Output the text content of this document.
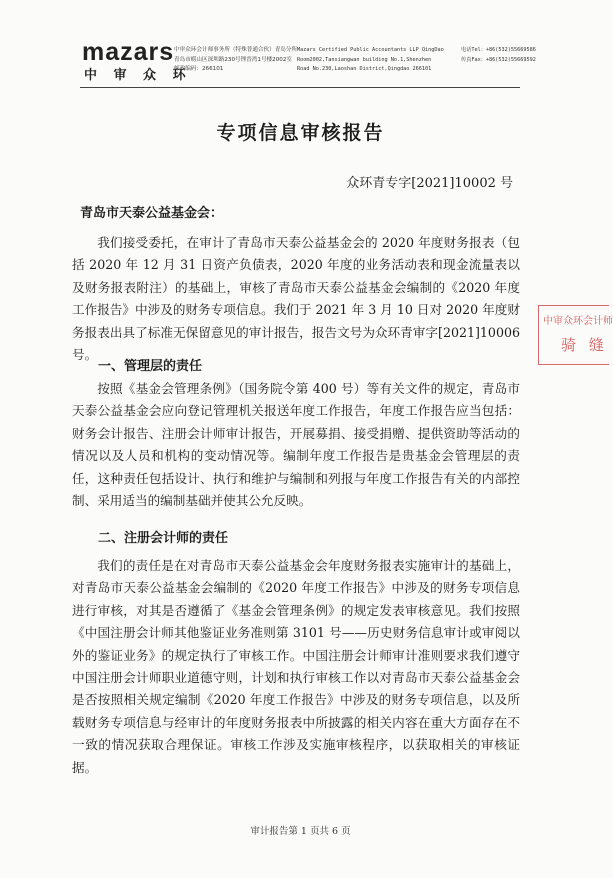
mazars
中 审 众 环
中审众环会计师事务所（特殊普通合伙）青岛分所
青岛市崂山区深圳路230号锂晋湾1号楼2002室
邮政编码：266101
Mazars Certified Public Accountants LLP QingDao
Room2002,Tanxiangwan building No.1,Shenzhen
Road No.230,Laoshan District,Qingdao 266101
电话Tel：+86(532)55669586
传真Fax：+86(532)55669592
专项信息审核报告
众环青专字[2021]10002 号
青岛市天泰公益基金会：

我们接受委托，在审计了青岛市天泰公益基金会的 2020 年度财务报表（包括 2020 年 12 月 31 日资产负债表，2020 年度的业务活动表和现金流量表以及财务报表附注）的基础上，审核了青岛市天泰公益基金会编制的《2020 年度工作报告》中涉及的财务专项信息。我们于 2021 年 3 月 10 日对 2020 年度财务报表出具了标准无保留意见的审计报告，报告文号为众环青审字[2021]10006 号。

一、管理层的责任

按照《基金会管理条例》（国务院令第 400 号）等有关文件的规定，青岛市天泰公益基金会应向登记管理机关报送年度工作报告，年度工作报告应当包括：财务会计报告、注册会计师审计报告，开展募捐、接受捐赠、提供资助等活动的情况以及人员和机构的变动情况等。编制年度工作报告是贵基金会管理层的责任，这种责任包括设计、执行和维护与编制和列报与年度工作报告有关的内部控制、采用适当的编制基础并使其公允反映。

二、注册会计师的责任

我们的责任是在对青岛市天泰公益基金会年度财务报表实施审计的基础上，对青岛市天泰公益基金会编制的《2020 年度工作报告》中涉及的财务专项信息进行审核，对其是否遵循了《基金会管理条例》的规定发表审核意见。我们按照《中国注册会计师其他鉴证业务准则第 3101 号——历史财务信息审计或审阅以外的鉴证业务》的规定执行了审核工作。中国注册会计师审计准则要求我们遵守中国注册会计师职业道德守则，计划和执行审核工作以对青岛市天泰公益基金会是否按照相关规定编制《2020 年度工作报告》中涉及的财务专项信息，以及所载财务专项信息与经审计的年度财务报表中所披露的相关内容在重大方面存在不一致的情况获取合理保证。审核工作涉及实施审核程序，以获取相关的审核证据。

中审众环会计师
骑 缝
审计报告第 1 页共 6 页
